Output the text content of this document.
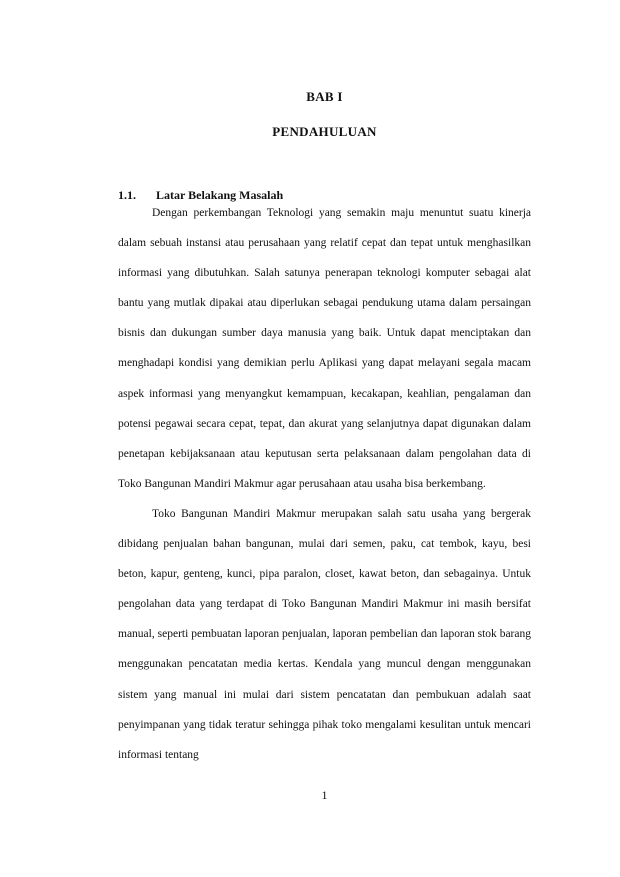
BAB I
PENDAHULUAN
1.1. Latar Belakang Masalah

Dengan perkembangan Teknologi yang semakin maju menuntut suatu kinerja dalam sebuah instansi atau perusahaan yang relatif cepat dan tepat untuk menghasilkan informasi yang dibutuhkan. Salah satunya penerapan teknologi komputer sebagai alat bantu yang mutlak dipakai atau diperlukan sebagai pendukung utama dalam persaingan bisnis dan dukungan sumber daya manusia yang baik. Untuk dapat menciptakan dan menghadapi kondisi yang demikian perlu Aplikasi yang dapat melayani segala macam aspek informasi yang menyangkut kemampuan, kecakapan, keahlian, pengalaman dan potensi pegawai secara cepat, tepat, dan akurat yang selanjutnya dapat digunakan dalam penetapan kebijaksanaan atau keputusan serta pelaksanaan dalam pengolahan data di Toko Bangunan Mandiri Makmur agar perusahaan atau usaha bisa berkembang.

Toko Bangunan Mandiri Makmur merupakan salah satu usaha yang bergerak dibidang penjualan bahan bangunan, mulai dari semen, paku, cat tembok, kayu, besi beton, kapur, genteng, kunci, pipa paralon, closet, kawat beton, dan sebagainya. Untuk pengolahan data yang terdapat di Toko Bangunan Mandiri Makmur ini masih bersifat manual, seperti pembuatan laporan penjualan, laporan pembelian dan laporan stok barang menggunakan pencatatan media kertas. Kendala yang muncul dengan menggunakan sistem yang manual ini mulai dari sistem pencatatan dan pembukuan adalah saat penyimpanan yang tidak teratur sehingga pihak toko mengalami kesulitan untuk mencari informasi tentang

1
